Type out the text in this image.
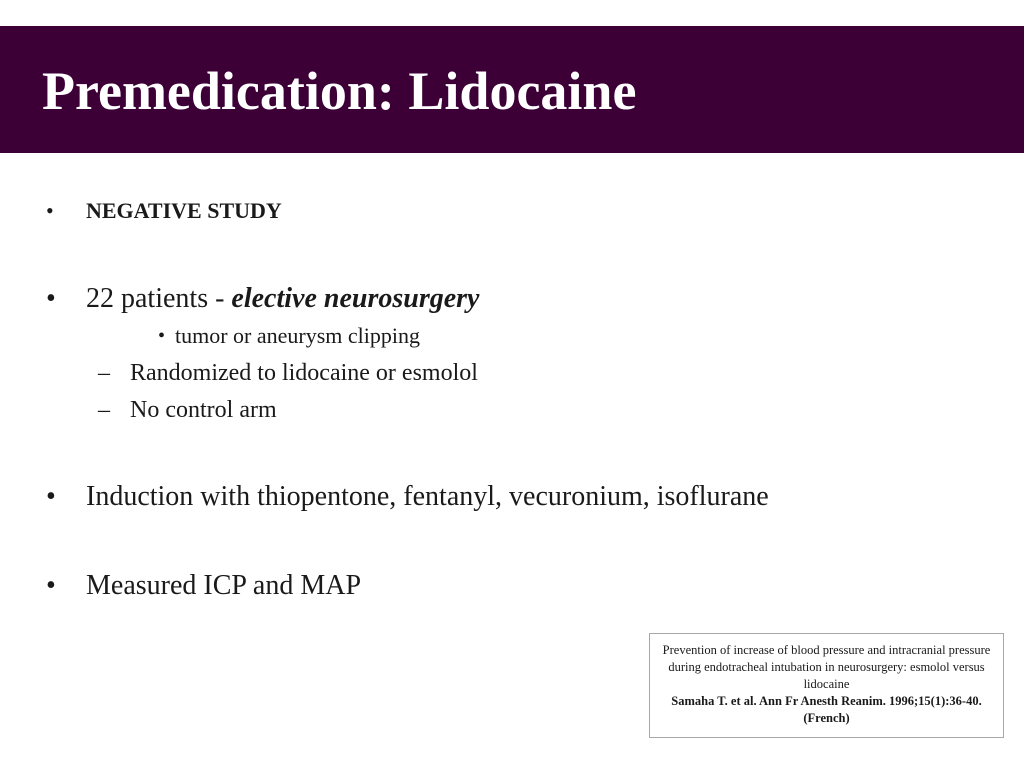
Premedication: Lidocaine
• NEGATIVE STUDY
• 22 patients - elective neurosurgery
• tumor or aneurysm clipping
– Randomized to lidocaine or esmolol
– No control arm
• Induction with thiopentone, fentanyl, vecuronium, isoflurane
• Measured ICP and MAP
Prevention of increase of blood pressure and intracranial pressure during endotracheal intubation in neurosurgery: esmolol versus lidocaine
Samaha T. et al. Ann Fr Anesth Reanim. 1996;15(1):36-40. (French)
